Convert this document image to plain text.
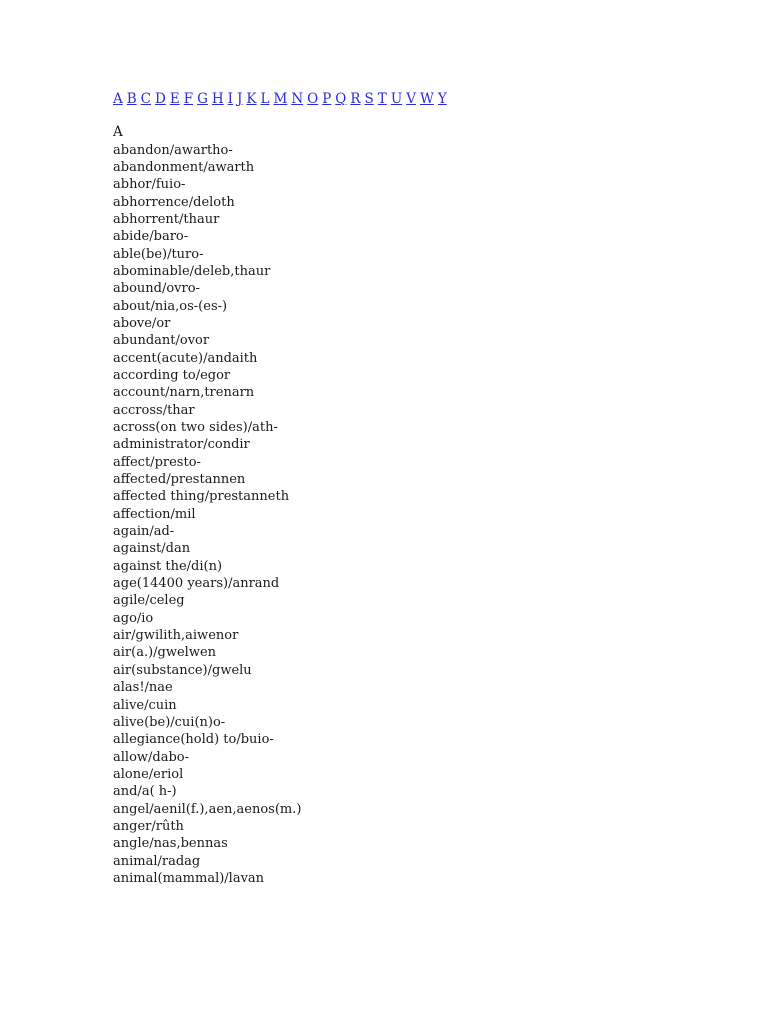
A B C D E F G H I J K L M N O P Q R S T U V W Y

A
abandon/awartho-
abandonment/awarth
abhor/fuio-
abhorrence/deloth
abhorrent/thaur
abide/baro-
able(be)/turo-
abominable/deleb,thaur
abound/ovro-
about/nia,os-(es-)
above/or
abundant/ovor
accent(acute)/andaith
according to/egor
account/narn,trenarn
accross/thar
across(on two sides)/ath-
administrator/condir
affect/presto-
affected/prestannen
affected thing/prestanneth
affection/mil
again/ad-
against/dan
against the/di(n)
age(14400 years)/anrand
agile/celeg
ago/io
air/gwilith,aiwenor
air(a.)/gwelwen
air(substance)/gwelu
alas!/nae
alive/cuin
alive(be)/cui(n)o-
allegiance(hold) to/buio-
allow/dabo-
alone/eriol
and/a( h-)
angel/aenil(f.),aen,aenos(m.)
anger/rûth
angle/nas,bennas
animal/radag
animal(mammal)/lavan
